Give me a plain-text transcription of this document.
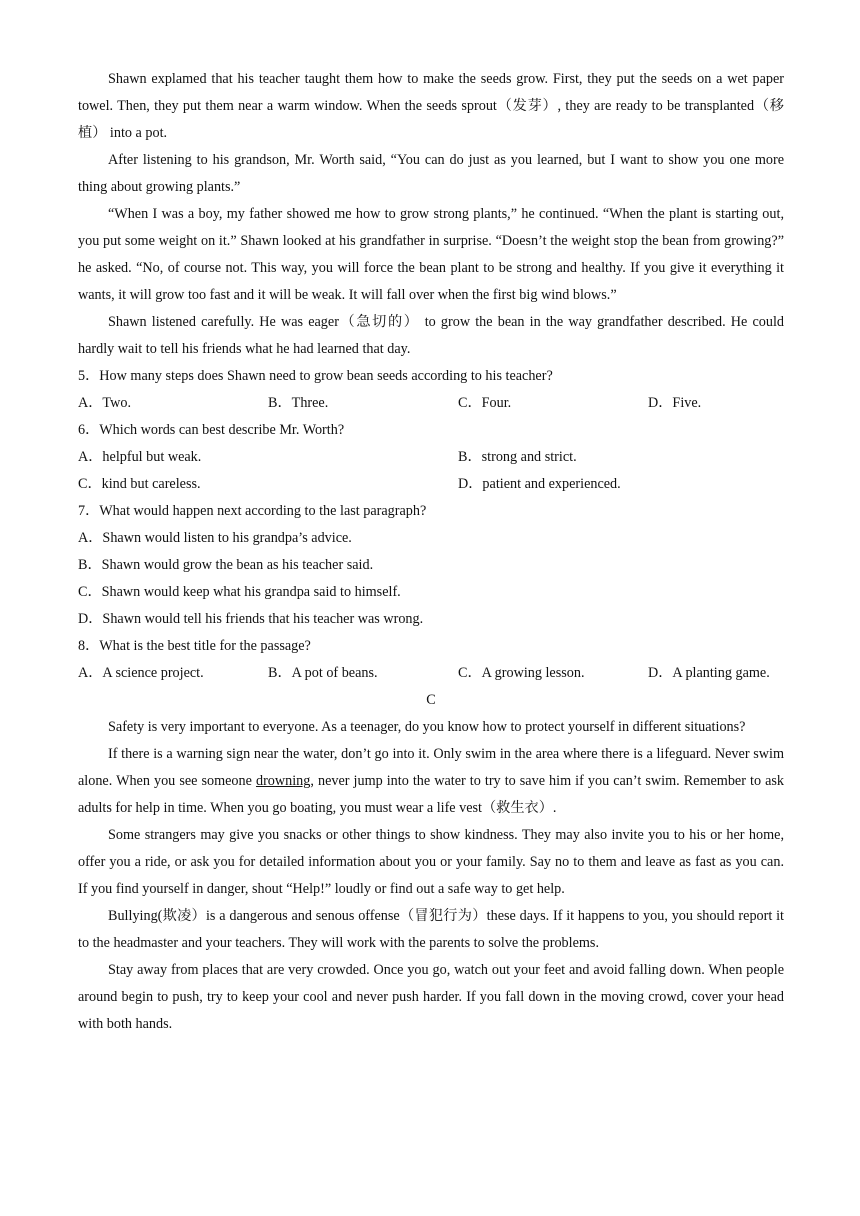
Shawn explamed that his teacher taught them how to make the seeds grow. First, they put the seeds on a wet paper towel. Then, they put them near a warm window. When the seeds sprout（发芽）, they are ready to be transplanted（移植） into a pot.

After listening to his grandson, Mr. Worth said, “You can do just as you learned, but I want to show you one more thing about growing plants.”

“When I was a boy, my father showed me how to grow strong plants,” he continued. “When the plant is starting out, you put some weight on it.” Shawn looked at his grandfather in surprise. “Doesn’t the weight stop the bean from growing?” he asked. “No, of course not. This way, you will force the bean plant to be strong and healthy. If you give it everything it wants, it will grow too fast and it will be weak. It will fall over when the first big wind blows.”

Shawn listened carefully. He was eager（急切的） to grow the bean in the way grandfather described. He could hardly wait to tell his friends what he had learned that day.

5．How many steps does Shawn need to grow bean seeds according to his teacher?
A．Two.	B．Three.	C．Four.	D．Five.
6．Which words can best describe Mr. Worth?
A．helpful but weak.	B．strong and strict.
C．kind but careless.	D．patient and experienced.
7．What would happen next according to the last paragraph?
A．Shawn would listen to his grandpa’s advice.
B．Shawn would grow the bean as his teacher said.
C．Shawn would keep what his grandpa said to himself.
D．Shawn would tell his friends that his teacher was wrong.
8．What is the best title for the passage?
A．A science project.	B．A pot of beans.	C．A growing lesson.	D．A planting game.
C

Safety is very important to everyone. As a teenager, do you know how to protect yourself in different situations?

If there is a warning sign near the water, don’t go into it. Only swim in the area where there is a lifeguard. Never swim alone. When you see someone drowning, never jump into the water to try to save him if you can’t swim. Remember to ask adults for help in time. When you go boating, you must wear a life vest（救生衣）.

Some strangers may give you snacks or other things to show kindness. They may also invite you to his or her home, offer you a ride, or ask you for detailed information about you or your family. Say no to them and leave as fast as you can. If you find yourself in danger, shout “Help!” loudly or find out a safe way to get help.

Bullying(欺凌）is a dangerous and senous offense（冒犯行为）these days. If it happens to you, you should report it to the headmaster and your teachers. They will work with the parents to solve the problems.

Stay away from places that are very crowded. Once you go, watch out your feet and avoid falling down. When people around begin to push, try to keep your cool and never push harder. If you fall down in the moving crowd, cover your head with both hands.
